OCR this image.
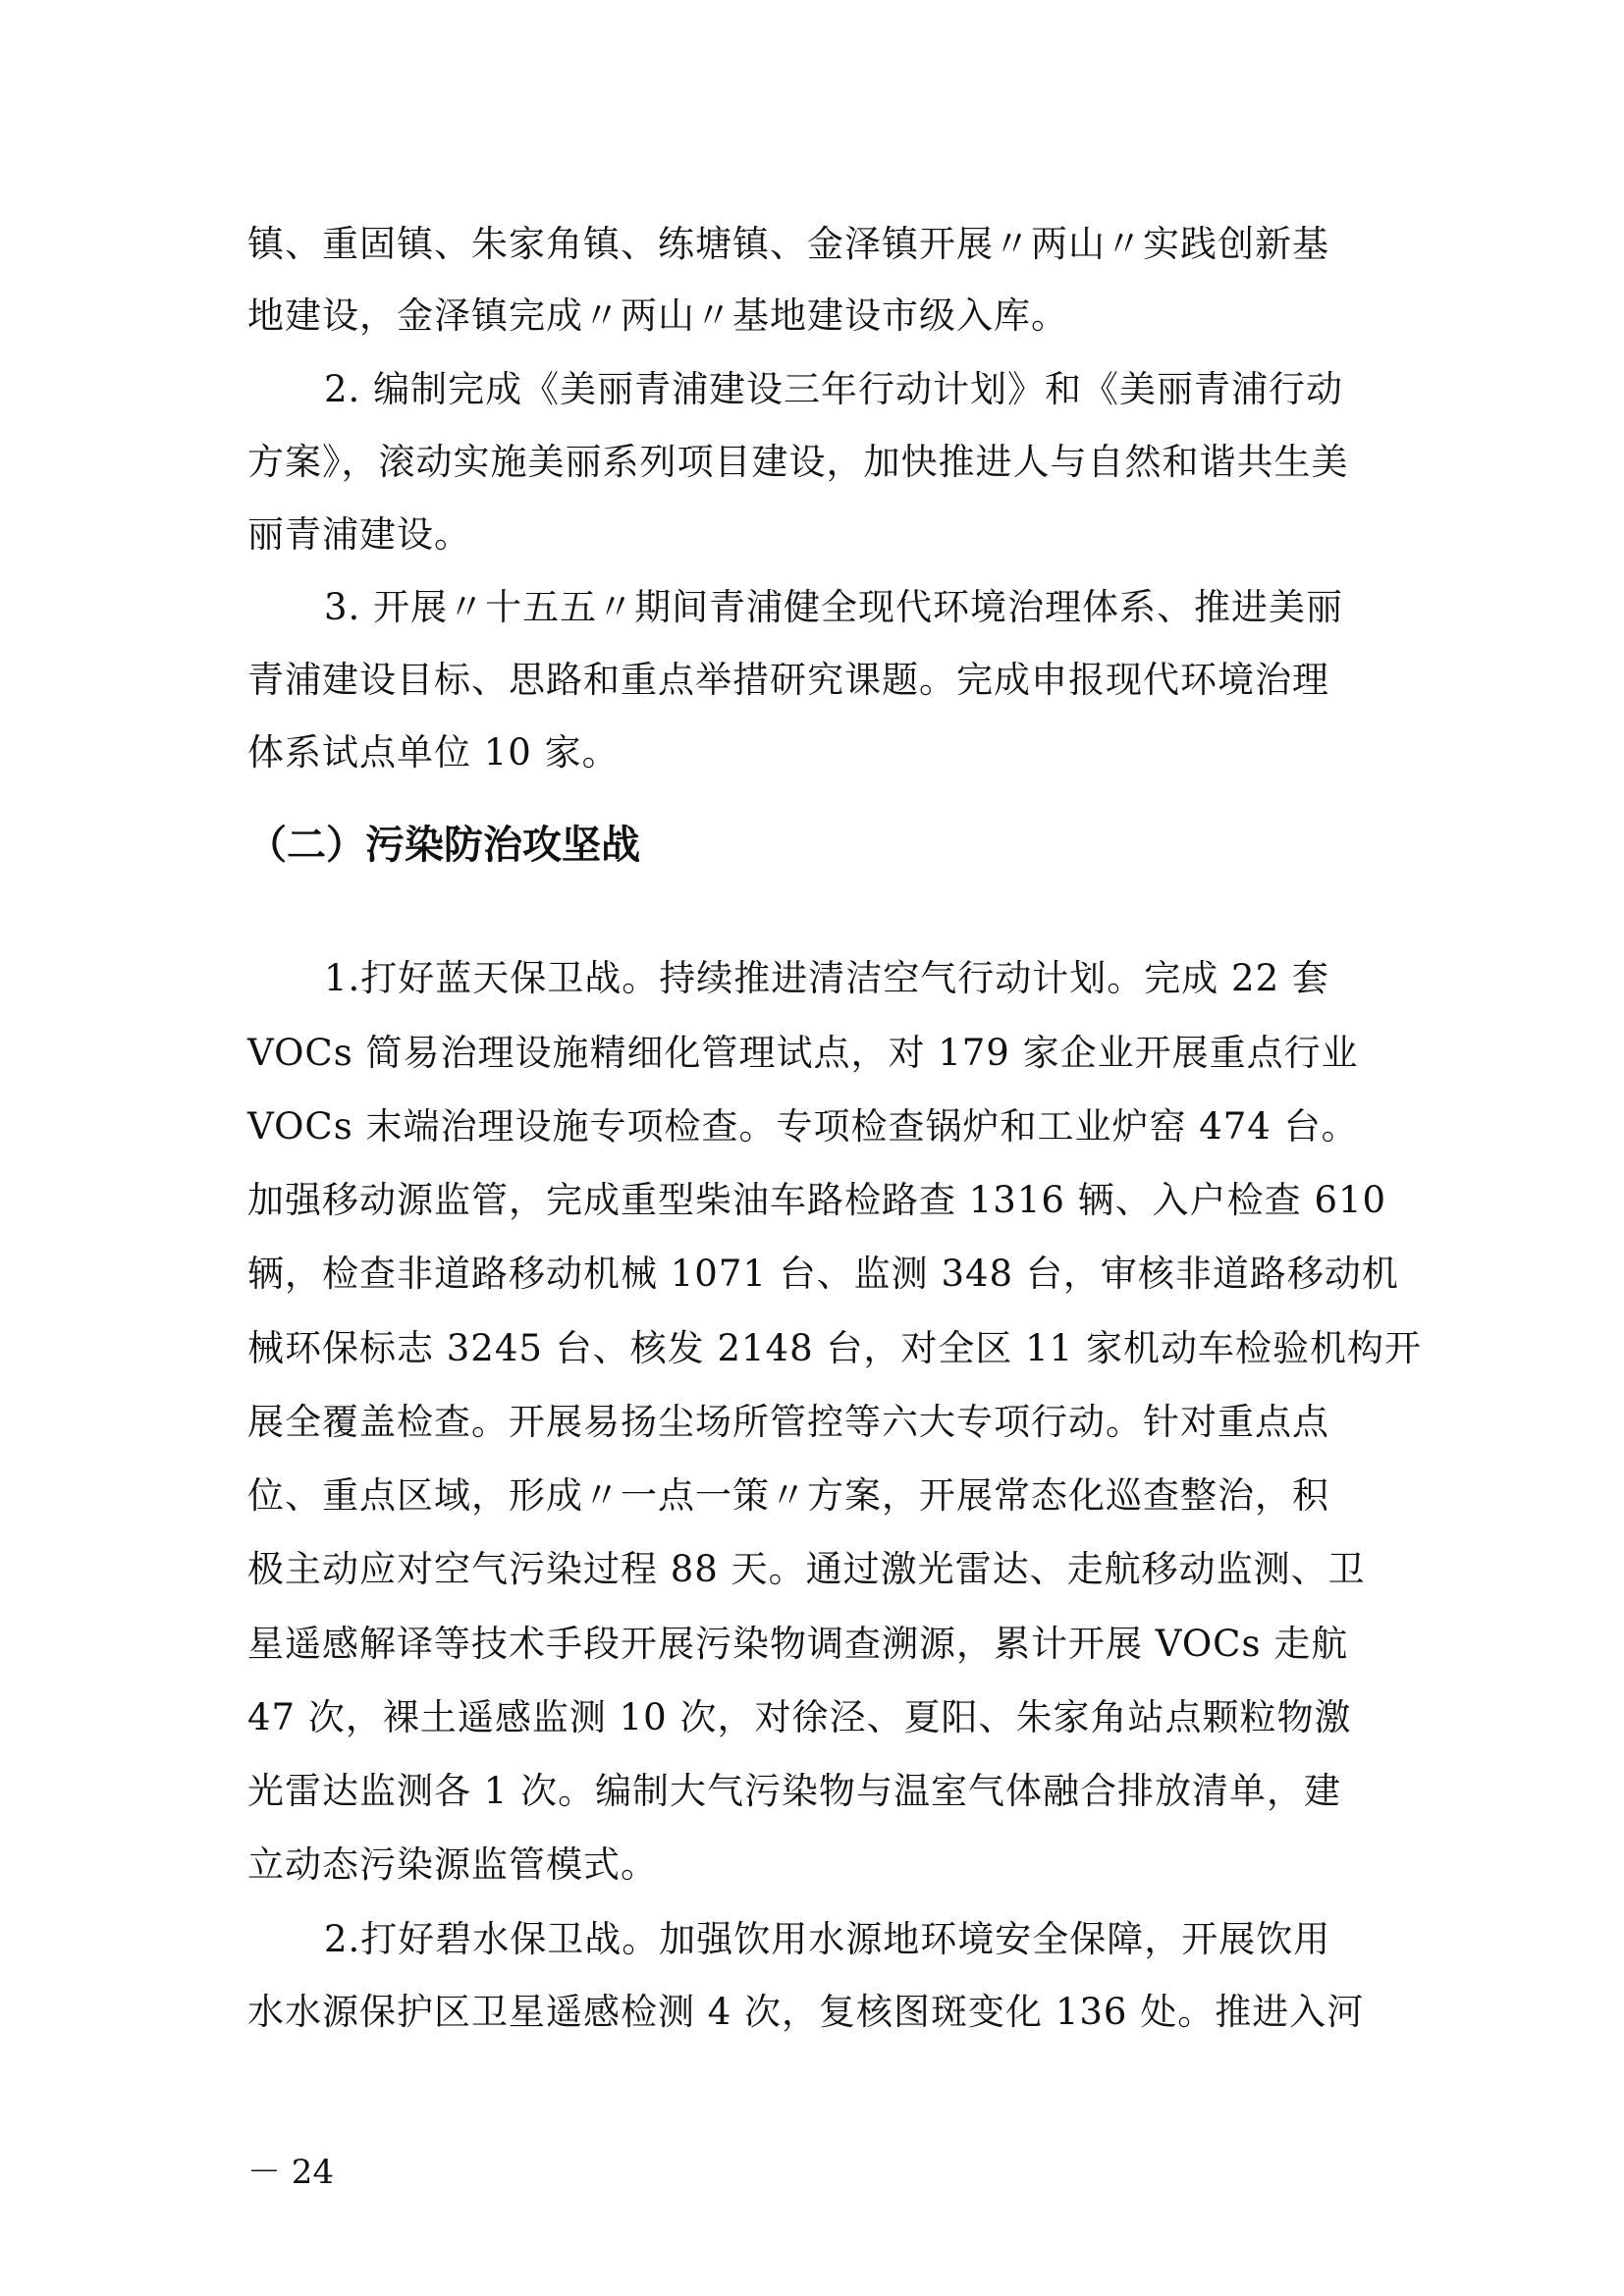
镇、重固镇、朱家角镇、练塘镇、金泽镇开展〃两山〃实践创新基
地建设，金泽镇完成〃两山〃基地建设市级入库。
2. 编制完成《美丽青浦建设三年行动计划》和《美丽青浦行动
方案》，滚动实施美丽系列项目建设，加快推进人与自然和谐共生美
丽青浦建设。
3. 开展〃十五五〃期间青浦健全现代环境治理体系、推进美丽
青浦建设目标、思路和重点举措研究课题。完成申报现代环境治理
体系试点单位 10 家。
（二）污染防治攻坚战
1.打好蓝天保卫战。持续推进清洁空气行动计划。完成 22 套
VOCs 简易治理设施精细化管理试点，对 179 家企业开展重点行业
VOCs 末端治理设施专项检查。专项检查锅炉和工业炉窑 474 台。
加强移动源监管，完成重型柴油车路检路查 1316 辆、入户检查 610
辆，检查非道路移动机械 1071 台、监测 348 台，审核非道路移动机
械环保标志 3245 台、核发 2148 台，对全区 11 家机动车检验机构开
展全覆盖检查。开展易扬尘场所管控等六大专项行动。针对重点点
位、重点区域，形成〃一点一策〃方案，开展常态化巡查整治，积
极主动应对空气污染过程 88 天。通过激光雷达、走航移动监测、卫
星遥感解译等技术手段开展污染物调查溯源，累计开展 VOCs 走航
47 次，裸土遥感监测 10 次，对徐泾、夏阳、朱家角站点颗粒物激
光雷达监测各 1 次。编制大气污染物与温室气体融合排放清单，建
立动态污染源监管模式。
2.打好碧水保卫战。加强饮用水源地环境安全保障，开展饮用
水水源保护区卫星遥感检测 4 次，复核图斑变化 136 处。推进入河
－ 24
